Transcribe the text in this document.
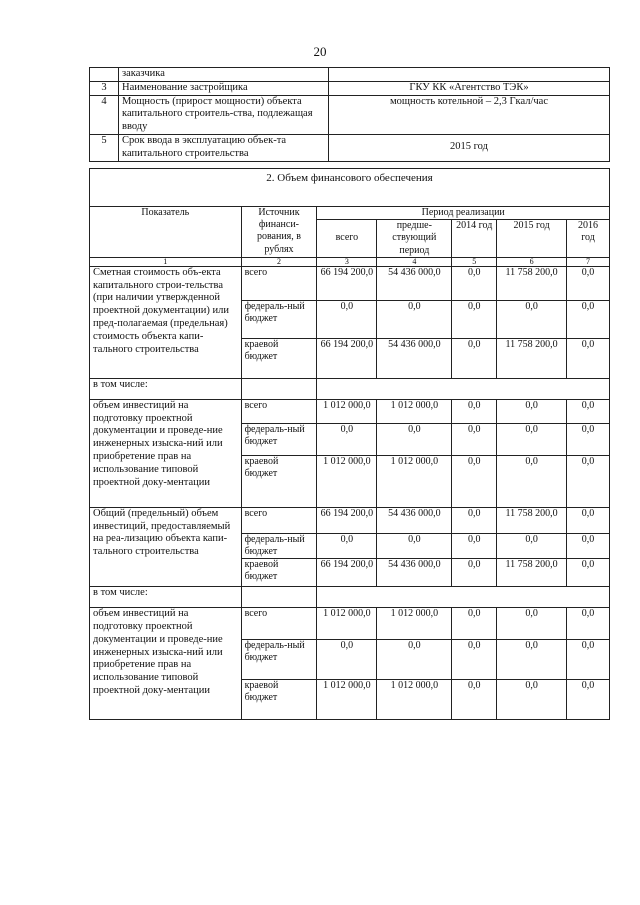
20
	заказчика	
3	Наименование застройщика	ГКУ КК «Агентство ТЭК»
4	Мощность (прирост мощности) объекта капитального строитель-ства, подлежащая вводу	мощность котельной – 2,3 Гкал/час
5	Срок ввода в эксплуатацию объек-та капитального строительства	2015 год
2. Объем финансового обеспечения						
Показатель	Источник финанси-рования, в рублях	Период реализации				
		всего	предше-ствующий период	2014 год	2015 год	2016 год
1	2	3	4	5	6	7
Сметная стоимость объ-екта капитального строи-тельства (при наличии утвержденной проектной документации) или пред-полагаемая (предельная) стоимость объекта капи-тального строительства	всего	66 194 200,0	54 436 000,0	0,0	11 758 200,0	0,0
	федераль-ный бюджет	0,0	0,0	0,0	0,0	0,0
	краевой бюджет	66 194 200,0	54 436 000,0	0,0	11 758 200,0	0,0
в том числе:						
объем инвестиций на подготовку проектной документации и проведе-ние инженерных изыска-ний или приобретение прав на использование типовой проектной доку-ментации	всего	1 012 000,0	1 012 000,0	0,0	0,0	0,0
	федераль-ный бюджет	0,0	0,0	0,0	0,0	0,0
	краевой бюджет	1 012 000,0	1 012 000,0	0,0	0,0	0,0
Общий (предельный) объем инвестиций, предоставляемый на реа-лизацию объекта капи-тального строительства	всего	66 194 200,0	54 436 000,0	0,0	11 758 200,0	0,0
	федераль-ный бюджет	0,0	0,0	0,0	0,0	0,0
	краевой бюджет	66 194 200,0	54 436 000,0	0,0	11 758 200,0	0,0
в том числе:						
объем инвестиций на подготовку проектной документации и проведе-ние инженерных изыска-ний или приобретение прав на использование типовой проектной доку-ментации	всего	1 012 000,0	1 012 000,0	0,0	0,0	0,0
	федераль-ный бюджет	0,0	0,0	0,0	0,0	0,0
	краевой бюджет	1 012 000,0	1 012 000,0	0,0	0,0	0,0
